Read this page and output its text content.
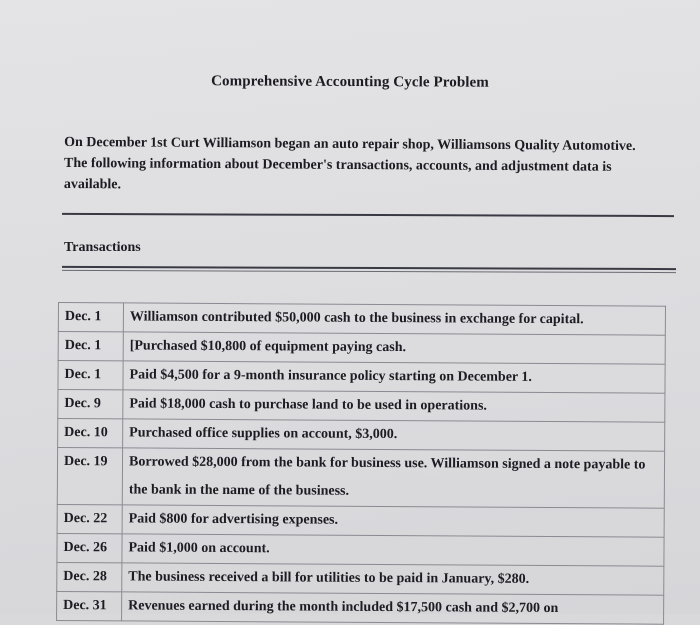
Comprehensive Accounting Cycle Problem
On December 1st Curt Williamson began an auto repair shop, Williamsons Quality Automotive. The following information about December's transactions, accounts, and adjustment data is available.
Transactions
Dec. 1	Williamson contributed $50,000 cash to the business in exchange for capital.
Dec. 1	[Purchased $10,800 of equipment paying cash.
Dec. 1	Paid $4,500 for a 9-month insurance policy starting on December 1.
Dec. 9	Paid $18,000 cash to purchase land to be used in operations.
Dec. 10	Purchased office supplies on account, $3,000.
Dec. 19	Borrowed $28,000 from the bank for business use. Williamson signed a note payable to the bank in the name of the business.
Dec. 22	Paid $800 for advertising expenses.
Dec. 26	Paid $1,000 on account.
Dec. 28	The business received a bill for utilities to be paid in January, $280.
Dec. 31	Revenues earned during the month included $17,500 cash and $2,700 on
